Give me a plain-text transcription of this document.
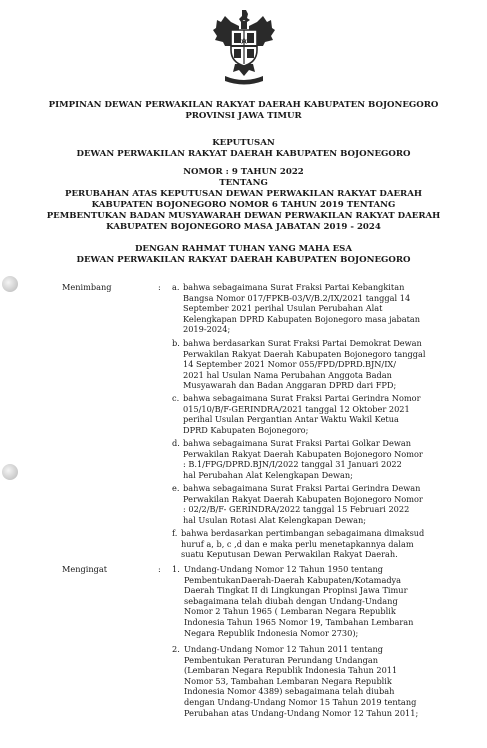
PIMPINAN DEWAN PERWAKILAN RAKYAT DAERAH KABUPATEN BOJONEGORO
PROVINSI JAWA TIMUR
KEPUTUSAN
DEWAN PERWAKILAN RAKYAT DAERAH KABUPATEN BOJONEGORO
NOMOR : 9 TAHUN 2022
TENTANG
PERUBAHAN ATAS KEPUTUSAN DEWAN PERWAKILAN RAKYAT DAERAH
KABUPATEN BOJONEGORO NOMOR 6 TAHUN 2019 TENTANG
PEMBENTUKAN BADAN MUSYAWARAH DEWAN PERWAKILAN RAKYAT DAERAH
KABUPATEN BOJONEGORO MASA JABATAN 2019 - 2024
DENGAN RAHMAT TUHAN YANG MAHA ESA
DEWAN PERWAKILAN RAKYAT DAERAH KABUPATEN BOJONEGORO
Menimbang	: a. bahwa sebagaimana Surat Fraksi Partai Kebangkitan
Bangsa Nomor 017/FPKB-03/V/B.2/IX/2021 tanggal 14
September 2021 perihal Usulan Perubahan Alat
Kelengkapan DPRD Kabupaten Bojonegoro masa jabatan
2019-2024;
b. bahwa berdasarkan Surat Fraksi Partai Demokrat Dewan
Perwakilan Rakyat Daerah Kabupaten Bojonegoro tanggal
14 September 2021 Nomor 055/FPD/DPRD.BJN/IX/
2021 hal Usulan Nama Perubahan Anggota Badan
Musyawarah dan Badan Anggaran DPRD dari FPD;
c. bahwa sebagaimana Surat Fraksi Partai Gerindra Nomor
015/10/B/F-GERINDRA/2021 tanggal 12 Oktober 2021
perihal Usulan Pergantian Antar Waktu Wakil Ketua
DPRD Kabupaten Bojonegoro;
d. bahwa sebagaimana Surat Fraksi Partai Golkar Dewan
Perwakilan Rakyat Daerah Kabupaten Bojonegoro Nomor
: B.1/FPG/DPRD.BJN/I/2022 tanggal 31 Januari 2022
hal Perubahan Alat Kelengkapan Dewan;
e. bahwa sebagaimana Surat Fraksi Partai Gerindra Dewan
Perwakilan Rakyat Daerah Kabupaten Bojonegoro Nomor
: 02/2/B/F- GERINDRA/2022 tanggal 15 Februari 2022
hal Usulan Rotasi Alat Kelengkapan Dewan;
f. bahwa berdasarkan pertimbangan sebagaimana dimaksud
huruf a, b, c ,d dan e maka perlu menetapkannya dalam
suatu Keputusan Dewan Perwakilan Rakyat Daerah.
Mengingat	: 1. Undang-Undang Nomor 12 Tahun 1950 tentang
PembentukanDaerah-Daerah Kabupaten/Kotamadya
Daerah Tingkat II di Lingkungan Propinsi Jawa Timur
sebagaimana telah diubah dengan Undang-Undang
Nomor 2 Tahun 1965 ( Lembaran Negara Republik
Indonesia Tahun 1965 Nomor 19, Tambahan Lembaran
Negara Republik Indonesia Nomor 2730);
2. Undang-Undang Nomor 12 Tahun 2011 tentang
Pembentukan Peraturan Perundang Undangan
(Lembaran Negara Republik Indonesia Tahun 2011
Nomor 53, Tambahan Lembaran Negara Republik
Indonesia Nomor 4389) sebagaimana telah diubah
dengan Undang-Undang Nomor 15 Tahun 2019 tentang
Perubahan atas Undang-Undang Nomor 12 Tahun 2011;
